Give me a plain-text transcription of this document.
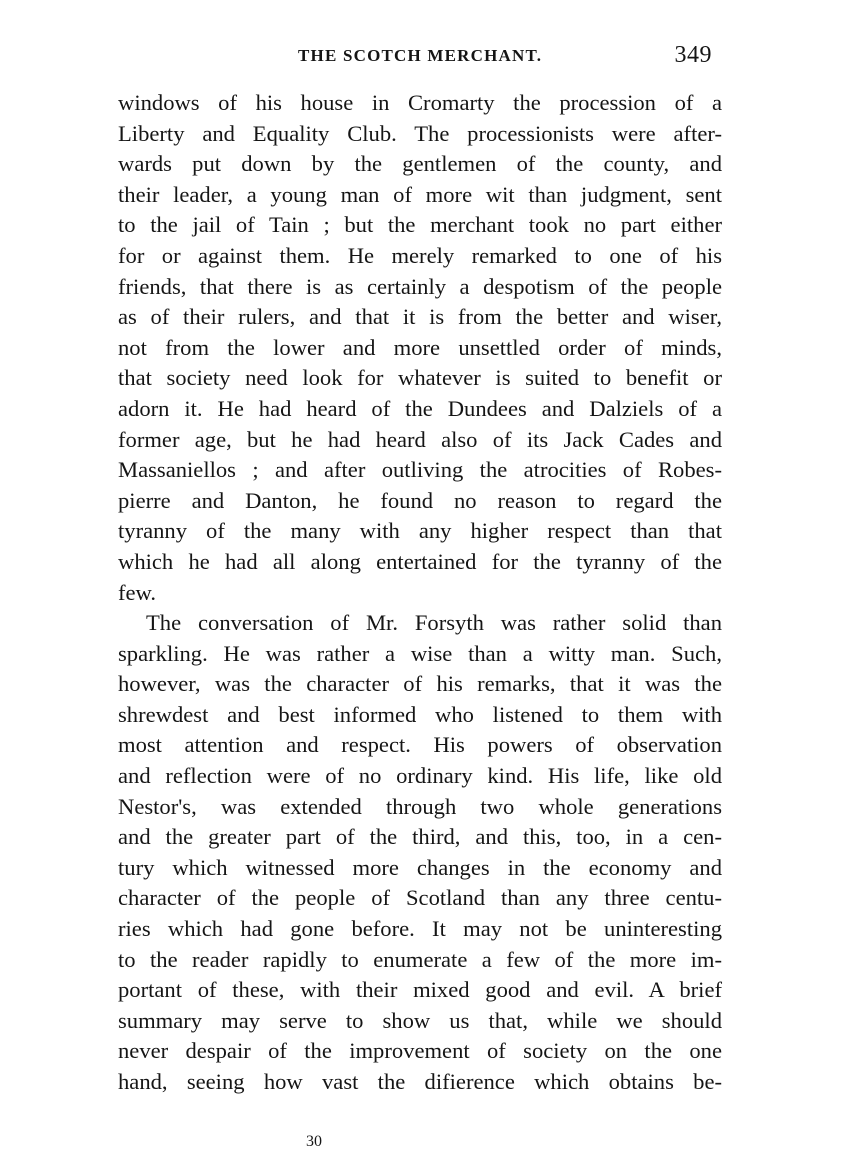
THE SCOTCH MERCHANT.	349
windows of his house in Cromarty the procession of a
Liberty and Equality Club. The processionists were after-
wards put down by the gentlemen of the county, and
their leader, a young man of more wit than judgment, sent
to the jail of Tain ; but the merchant took no part either
for or against them. He merely remarked to one of his
friends, that there is as certainly a despotism of the people
as of their rulers, and that it is from the better and wiser,
not from the lower and more unsettled order of minds,
that society need look for whatever is suited to benefit or
adorn it. He had heard of the Dundees and Dalziels of a
former age, but he had heard also of its Jack Cades and
Massaniellos ; and after outliving the atrocities of Robes-
pierre and Danton, he found no reason to regard the
tyranny of the many with any higher respect than that
which he had all along entertained for the tyranny of the
few.
The conversation of Mr. Forsyth was rather solid than
sparkling. He was rather a wise than a witty man. Such,
however, was the character of his remarks, that it was the
shrewdest and best informed who listened to them with
most attention and respect. His powers of observation
and reflection were of no ordinary kind. His life, like old
Nestor's, was extended through two whole generations
and the greater part of the third, and this, too, in a cen-
tury which witnessed more changes in the economy and
character of the people of Scotland than any three centu-
ries which had gone before. It may not be uninteresting
to the reader rapidly to enumerate a few of the more im-
portant of these, with their mixed good and evil. A brief
summary may serve to show us that, while we should
never despair of the improvement of society on the one
hand, seeing how vast the difierence which obtains be-
30
